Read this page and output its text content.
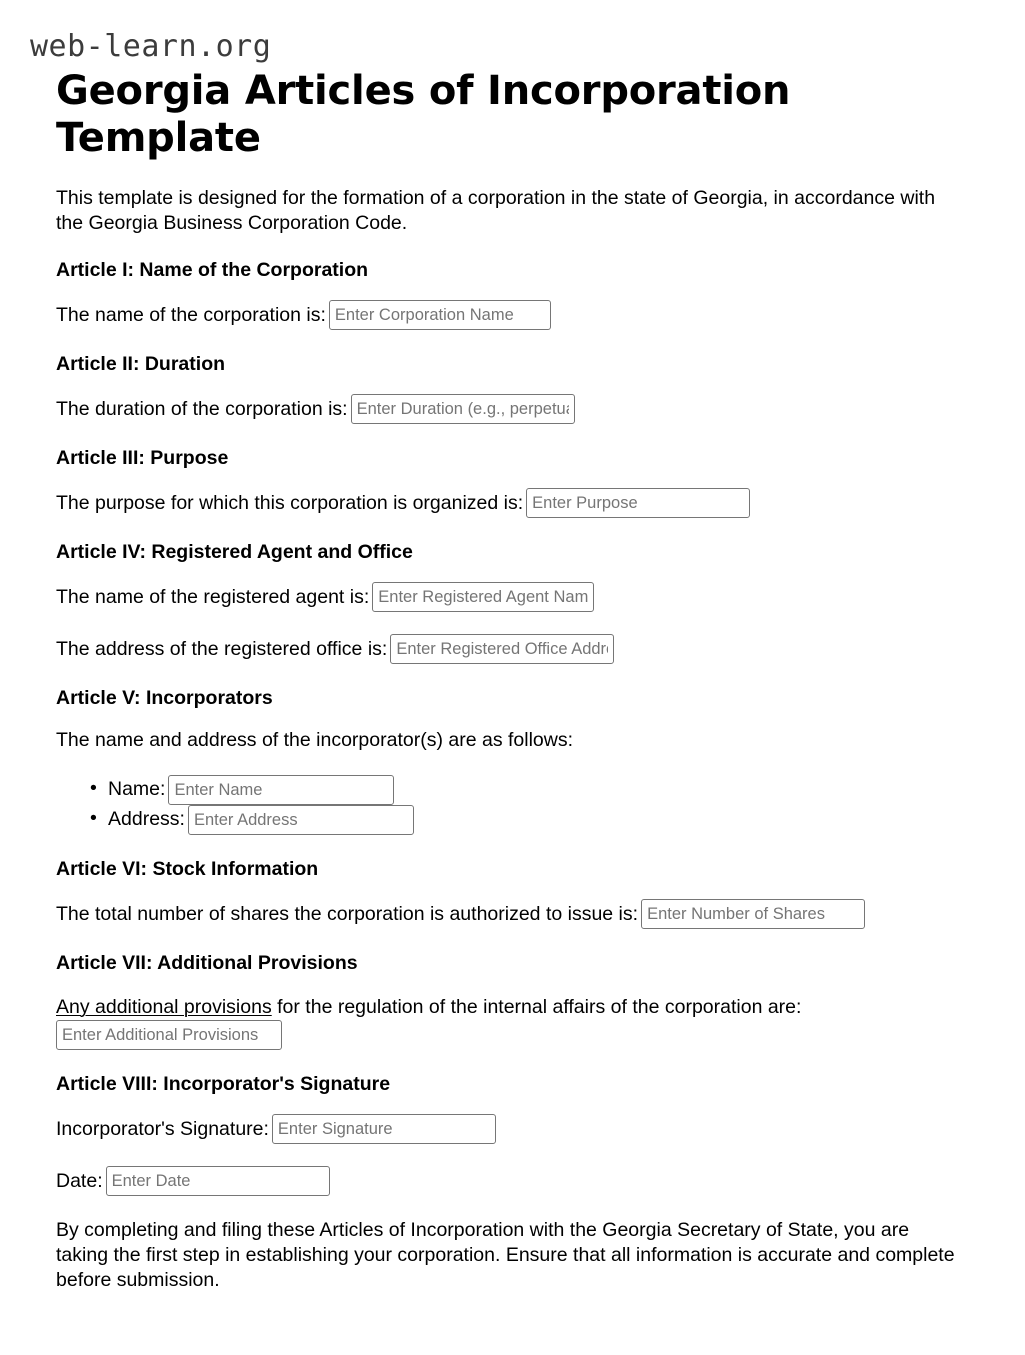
web-learn.org
Georgia Articles of Incorporation Template

This template is designed for the formation of a corporation in the state of Georgia, in accordance with the Georgia Business Corporation Code.

Article I: Name of the Corporation
The name of the corporation is:Enter Corporation Name
Article II: Duration
The duration of the corporation is:Enter Duration (e.g., perpetual)
Article III: Purpose
The purpose for which this corporation is organized is:Enter Purpose
Article IV: Registered Agent and Office
The name of the registered agent is:Enter Registered Agent Name
The address of the registered office is:Enter Registered Office Address
Article V: Incorporators

The name and address of the incorporator(s) are as follows:

• Name:Enter Name
• Address:Enter Address
Article VI: Stock Information
The total number of shares the corporation is authorized to issue is:Enter Number of Shares
Article VII: Additional Provisions
Any additional provisions for the regulation of the internal affairs of the corporation are:
Enter Additional Provisions
Article VIII: Incorporator's Signature
Incorporator's Signature:Enter Signature
Date:Enter Date

By completing and filing these Articles of Incorporation with the Georgia Secretary of State, you are taking the first step in establishing your corporation. Ensure that all information is accurate and complete before submission.
